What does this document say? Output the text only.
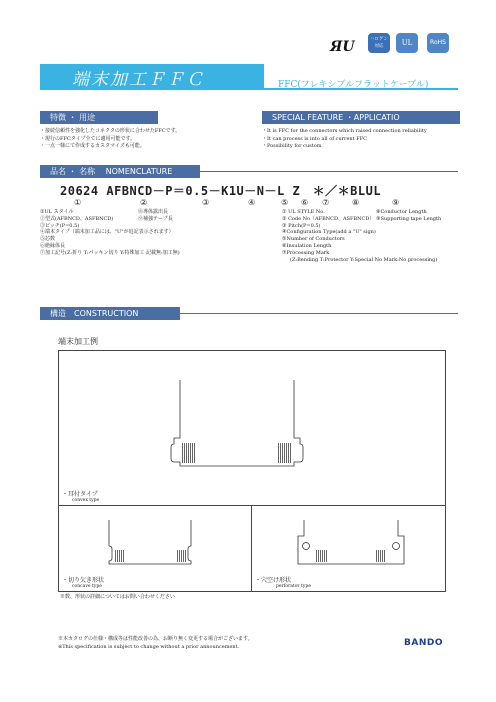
ЯU	ハロゲン
対応	UL	RoHS
端末加工ＦＦＣ	FFC(フレキシブルフラットケーブル)
特徴 ・ 用途	SPECIAL FEATURE ・APPLICATIO
・接続信頼性を強化したコネクタの形状に合わせたFFCです。
・現行のFFCタイプ全てに適用可能です。
・一点一様にて作成するカスタマイズも可能。
・It is FFC for the connectors which raised connection reliability
・It can process is into all of current FFC
・Possibility for custom
品名 ・ 名称　 NOMENCLATURE
20624 AFBNCD－P＝0.5－K1U－N－L Z　＊／＊BLUL
①	②	③	④	⑤ ⑥ ⑦	⑧	⑨
①UL スタイル
②型式(AFBNCD、ASFBNCD)
③ピッチ(P=0.5)
④端末タイプ（端末加工品には、"U"が追記表示されます）
⑤芯数
⑥絶縁体長
⑦加工記号(Z:折り T:パッキン切り Y:特殊加工 記載無:加工無)
⑧導体露出長
⑨補強テープ長
① UL STYLE No.
② Code No（AFBNCD、ASFBNCD）
③ Pitch(P=0.5)
④Configuration Type(add a "U" sign)
⑤Number of Conductors
⑥Insulation Length
⑦Processing Mark
(Z:Bending T:Protector Y:Special No Mark:No processing)
⑧Conductor Length
⑨Supporting tape Length
構造　CONSTRUCTION
端末加工例
・耳付タイプ
convex type
・切り欠き形状
concave type
・穴空け形状
perforator type
※数、形状の詳細についてはお問い合わせください
※本カタログの仕様・構成等は性能改善の為、お断り無く変更する場合がございます。
※This specification is subject to change without a prior announcement.	BANDO
